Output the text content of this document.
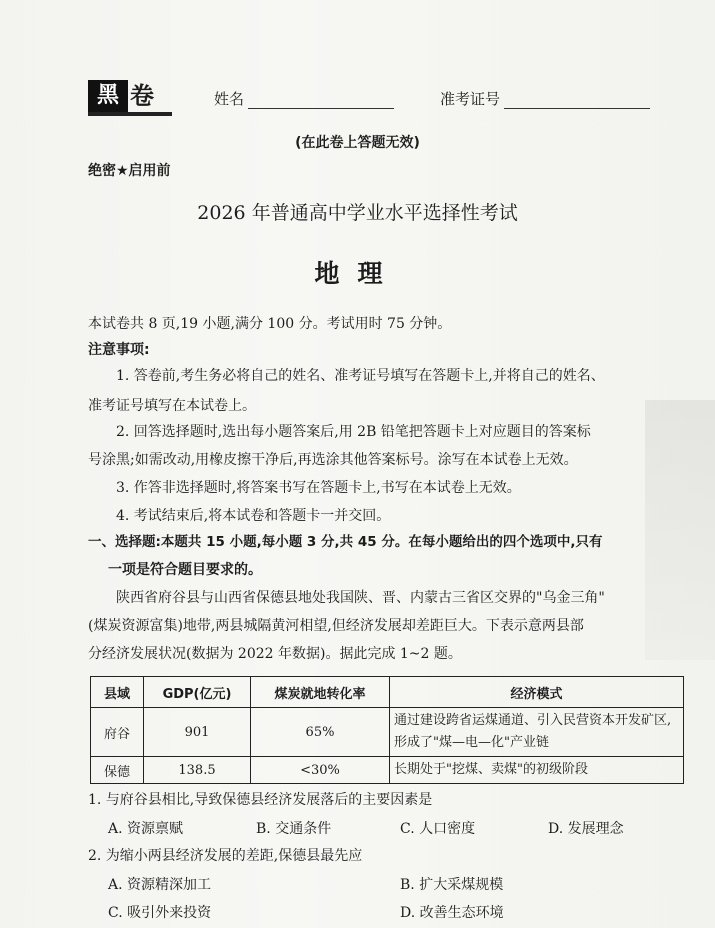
黑 卷	姓名	准考证号
(在此卷上答题无效)
绝密★启用前
2026 年普通高中学业水平选择性考试
地理
本试卷共 8 页,19 小题,满分 100 分。考试用时 75 分钟。
注意事项:
1. 答卷前,考生务必将自己的姓名、准考证号填写在答题卡上,并将自己的姓名、
准考证号填写在本试卷上。
2. 回答选择题时,选出每小题答案后,用 2B 铅笔把答题卡上对应题目的答案标
号涂黑;如需改动,用橡皮擦干净后,再选涂其他答案标号。涂写在本试卷上无效。
3. 作答非选择题时,将答案书写在答题卡上,书写在本试卷上无效。
4. 考试结束后,将本试卷和答题卡一并交回。
一、选择题:本题共 15 小题,每小题 3 分,共 45 分。在每小题给出的四个选项中,只有
一项是符合题目要求的。
陕西省府谷县与山西省保德县地处我国陕、晋、内蒙古三省区交界的"乌金三角"
(煤炭资源富集)地带,两县城隔黄河相望,但经济发展却差距巨大。下表示意两县部
分经济发展状况(数据为 2022 年数据)。据此完成 1~2 题。
县域	GDP(亿元)	煤炭就地转化率	经济模式
府谷	901	65%	通过建设跨省运煤通道、引入民营资本开发矿区,形成了"煤—电—化"产业链
保德	138.5	<30%	长期处于"挖煤、卖煤"的初级阶段
1. 与府谷县相比,导致保德县经济发展落后的主要因素是
A. 资源禀赋	B. 交通条件	C. 人口密度	D. 发展理念
2. 为缩小两县经济发展的差距,保德县最先应
A. 资源精深加工	B. 扩大采煤规模
C. 吸引外来投资	D. 改善生态环境
